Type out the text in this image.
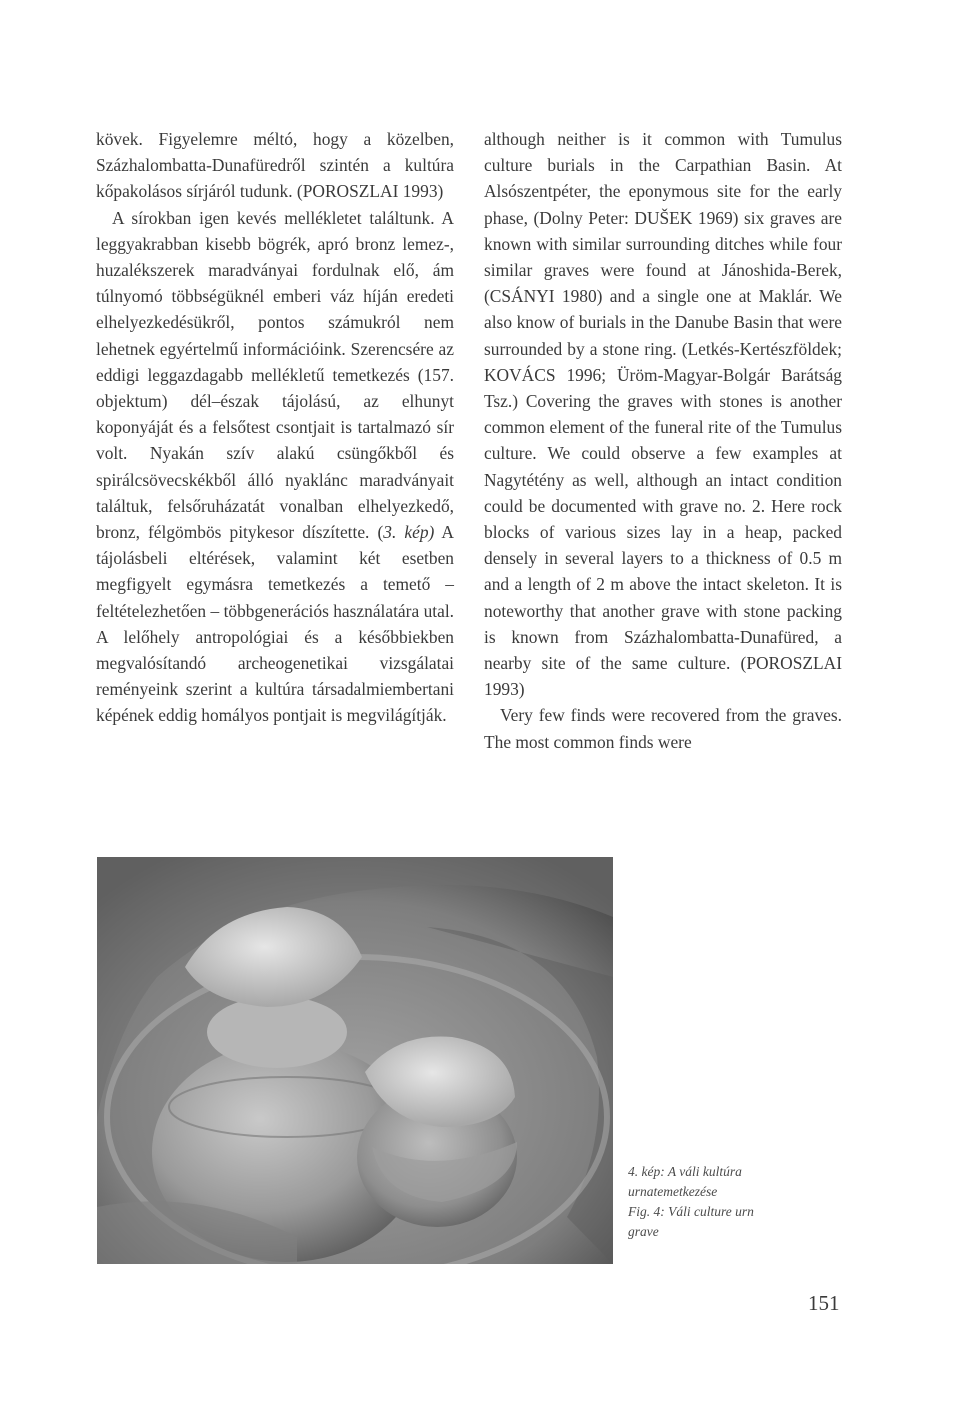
kövek. Figyelemre méltó, hogy a közelben, Százhalombatta-Dunafüredről szintén a kultúra kőpakolásos sírjáról tudunk. (POROSZLAI 1993)

A sírokban igen kevés mellékletet találtunk. A leggyakrabban kisebb bögrék, apró bronz lemez-, huzalékszerek maradványai fordulnak elő, ám túlnyomó többségüknél emberi váz híján eredeti elhelyezkedésükről, pontos számukról nem lehetnek egyértelmű információink. Szerencsére az eddigi leggazdagabb mellékletű temetkezés (157. objektum) dél–észak tájolású, az elhunyt koponyáját és a felsőtest csontjait is tartalmazó sír volt. Nyakán szív alakú csüngőkből és spirálcsövecskékből álló nyaklánc maradványait találtuk, felsőruházatát vonalban elhelyezkedő, bronz, félgömbös pitykesor díszítette. (3. kép) A tájolásbeli eltérések, valamint két esetben megfigyelt egymásra temetkezés a temető – feltételezhetően – többgenerációs használatára utal. A lelőhely antropológiai és a későbbiekben megvalósítandó archeogenetikai vizsgálatai reményeink szerint a kultúra társadalmiembertani képének eddig homályos pontjait is megvilágítják.

although neither is it common with Tumulus culture burials in the Carpathian Basin. At Alsószentpéter, the eponymous site for the early phase, (Dolny Peter: DUŠEK 1969) six graves are known with similar surrounding ditches while four similar graves were found at Jánoshida-Berek, (CSÁNYI 1980) and a single one at Maklár. We also know of burials in the Danube Basin that were surrounded by a stone ring. (Letkés-Kertészföldek; KOVÁCS 1996; Üröm-Magyar-Bolgár Barátság Tsz.) Covering the graves with stones is another common element of the funeral rite of the Tumulus culture. We could observe a few examples at Nagytétény as well, although an intact condition could be documented with grave no. 2. Here rock blocks of various sizes lay in a heap, packed densely in several layers to a thickness of 0.5 m and a length of 2 m above the intact skeleton. It is noteworthy that another grave with stone packing is known from Százhalombatta-Dunafüred, a nearby site of the same culture. (POROSZLAI 1993)

Very few finds were recovered from the graves. The most common finds were

4. kép: A váli kultúra
urnatemetkezése
Fig. 4: Váli culture urn
grave
151
